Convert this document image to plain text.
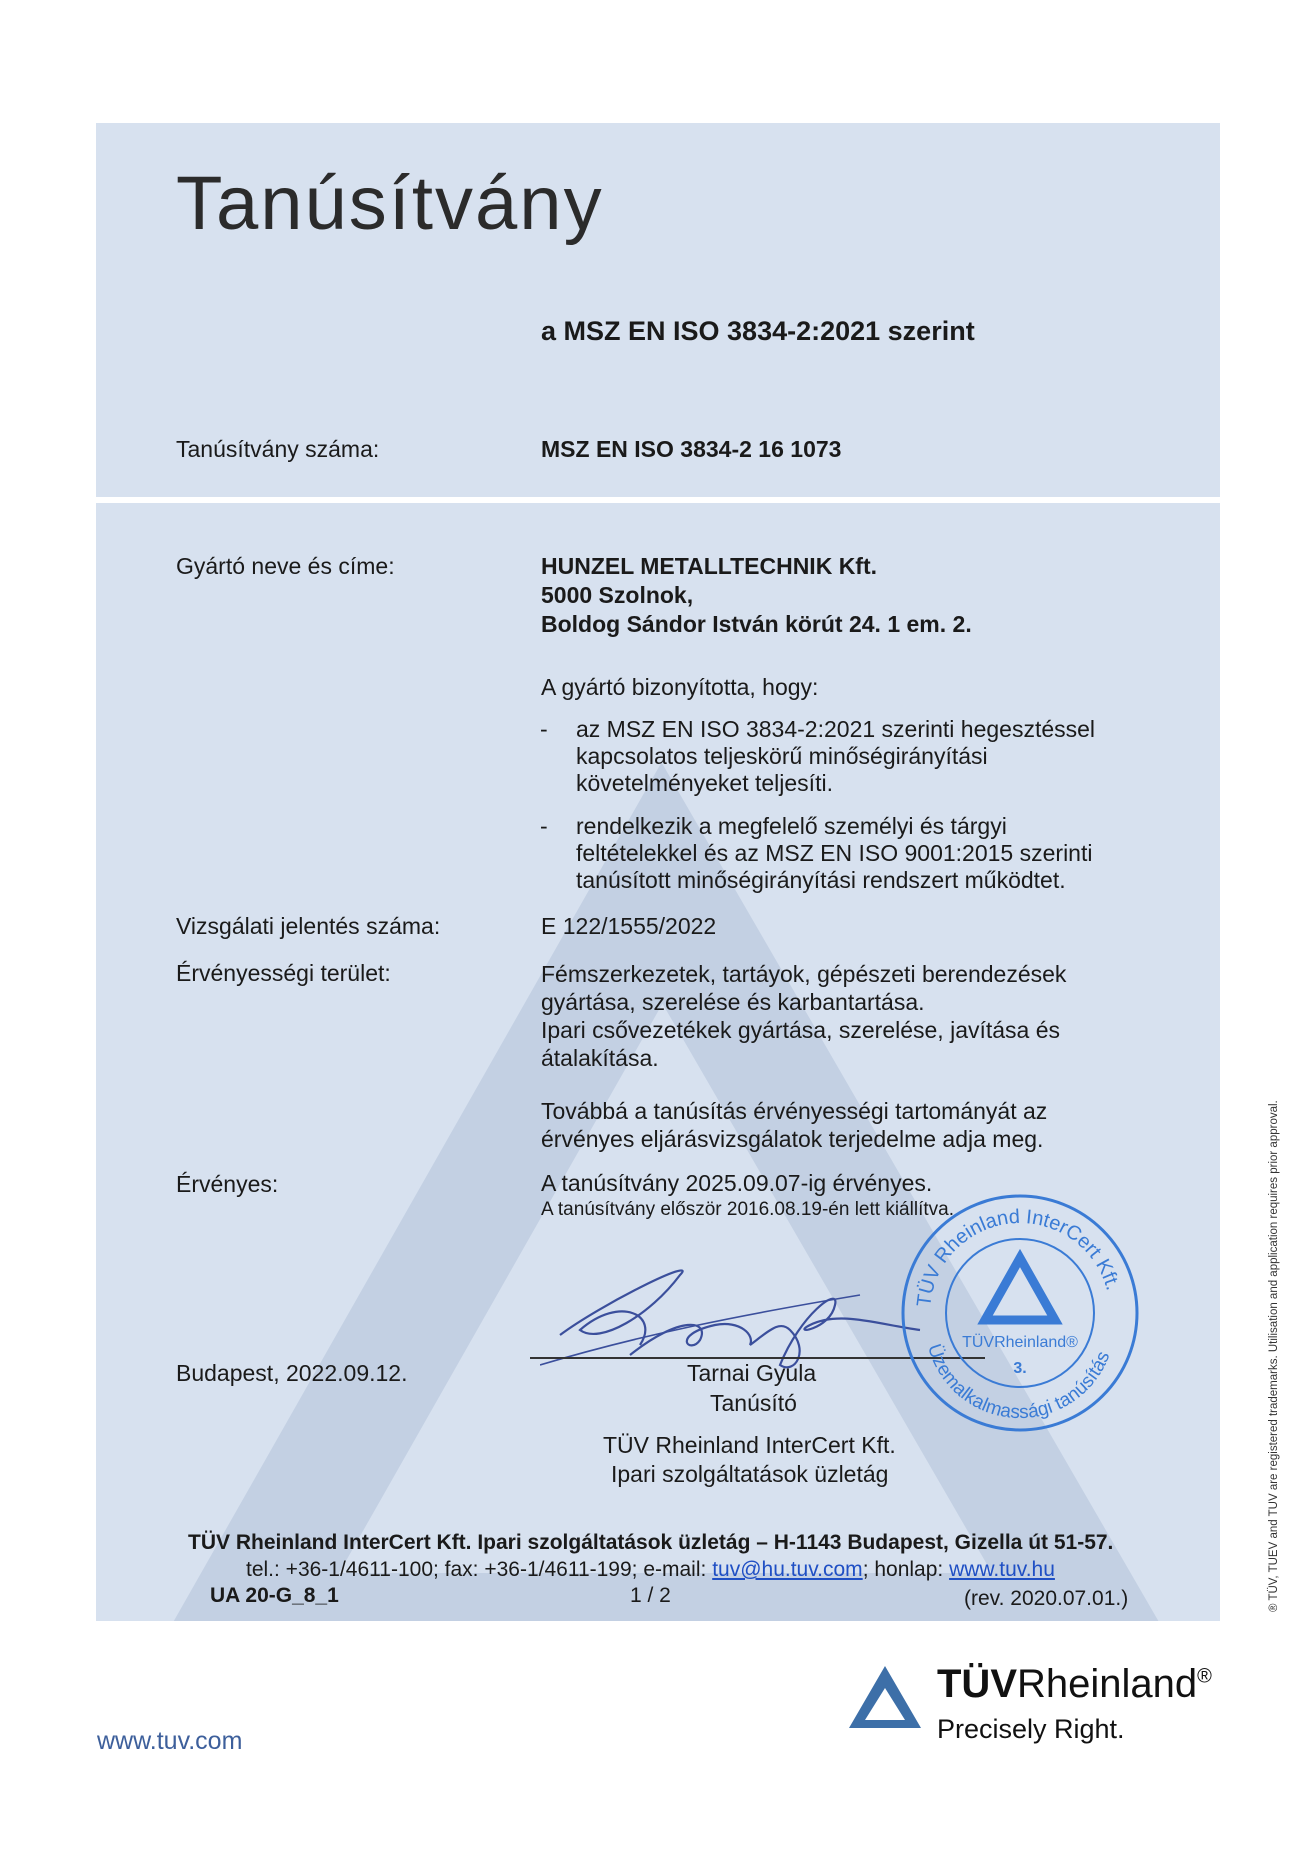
Tanúsítvány
a MSZ EN ISO 3834-2:2021 szerint
Tanúsítvány száma:	MSZ EN ISO 3834-2 16 1073
Gyártó neve és címe:	HUNZEL METALLTECHNIK Kft.
5000 Szolnok,
Boldog Sándor István körút 24. 1 em. 2.
A gyártó bizonyította, hogy:
- az MSZ EN ISO 3834-2:2021 szerinti hegesztéssel
kapcsolatos teljeskörű minőségirányítási
követelményeket teljesíti.
- rendelkezik a megfelelő személyi és tárgyi
feltételekkel és az MSZ EN ISO 9001:2015 szerinti
tanúsított minőségirányítási rendszert működtet.
Vizsgálati jelentés száma:	E 122/1555/2022
Érvényességi terület:	Fémszerkezetek, tartáyok, gépészeti berendezések
gyártása, szerelése és karbantartása.
Ipari csővezetékek gyártása, szerelése, javítása és
átalakítása.
Továbbá a tanúsítás érvényességi tartományát az
érvényes eljárásvizsgálatok terjedelme adja meg.
Érvényes:	A tanúsítvány 2025.09.07-ig érvényes.
A tanúsítvány először 2016.08.19-én lett kiállítva.
Budapest, 2022.09.12.	Tarnai Gyula
Tanúsító
TÜV Rheinland InterCert Kft.
Ipari szolgáltatások üzletág
TÜV Rheinland InterCert Kft.
Üzemalkalmassági tanúsítás
TÜVRheinland®
3.
TÜV Rheinland InterCert Kft. Ipari szolgáltatások üzletág – H-1143 Budapest, Gizella út 51-57.
tel.: +36-1/4611-100; fax: +36-1/4611-199; e-mail: tuv@hu.tuv.com; honlap: www.tuv.hu
UA 20-G_8_1	1 / 2	(rev. 2020.07.01.)	® TÜV, TUEV and TUV are registered trademarks. Utilisation and application requires prior approval.
www.tuv.com
TÜVRheinland®
Precisely Right.
